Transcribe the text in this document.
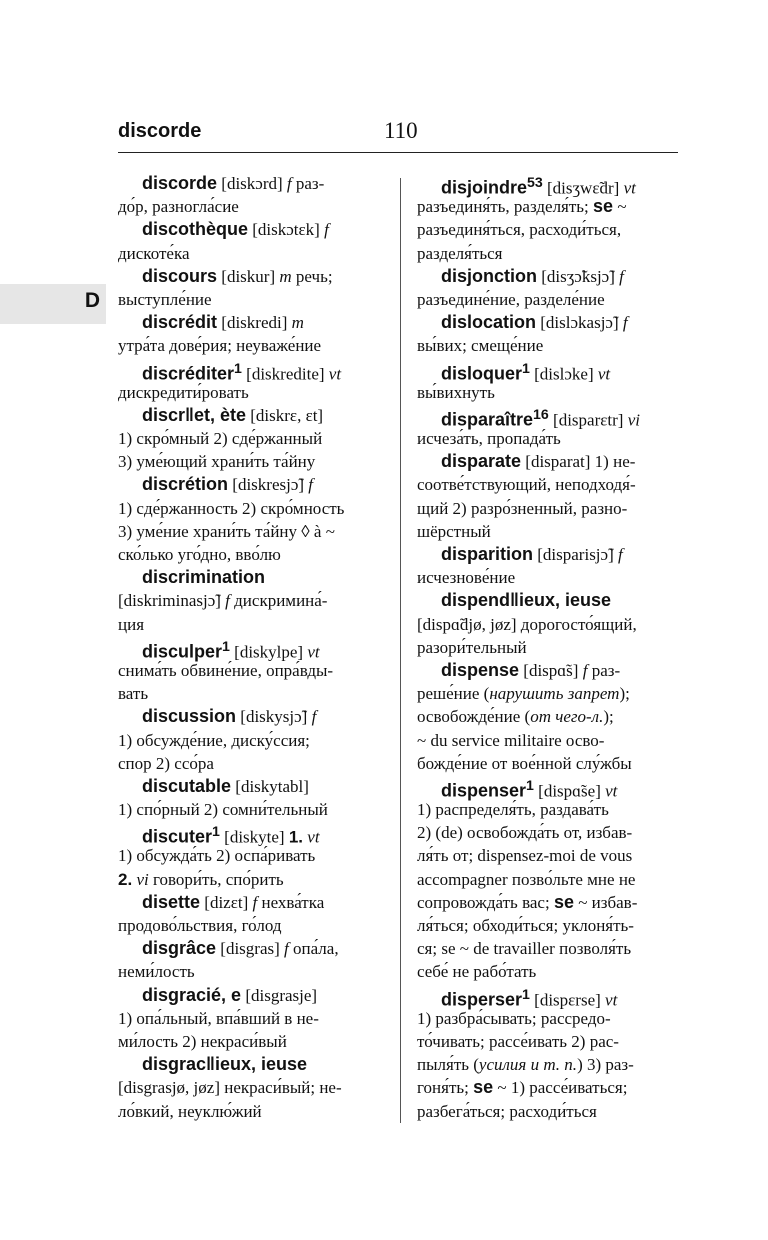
discorde	110
D
discorde [diskɔrd] f раз-
до́р, разногла́сие
discothèque [diskɔtɛk] f
дискоте́ка
discours [diskur] m речь;
выступле́ние
discrédit [diskredi] m
утра́та дове́рия; неуваже́ние
discréditer$^1$ [diskredite] vt
дискредити́ровать
discr‖et, ète [diskrɛ, ɛt]
1) скро́мный 2) сде́ржанный
3) уме́ющий храни́ть та́йну
discrétion [diskresjɔ̃] f
1) сде́ржанность 2) скро́мность
3) уме́ние храни́ть та́йну ◊ à ~
ско́лько уго́дно, вво́лю
discrimination
[diskriminasjɔ̃] f дискримина́-
ция
disculper$^1$ [diskylpe] vt
снима́ть обвине́ние, опра́вды-
вать
discussion [diskysjɔ̃] f
1) обсужде́ние, диску́ссия;
спор 2) ссо́ра
discutable [diskytabl]
1) спо́рный 2) сомни́тельный
discuter$^1$ [diskyte] 1. vt
1) обсужда́ть 2) оспа́ривать
2. vi говори́ть, спо́рить
disette [dizɛt] f нехва́тка
продово́льствия, го́лод
disgrâce [disgras] f опа́ла,
неми́лость
disgracié, e [disgrasje]
1) опа́льный, впа́вший в не-
ми́лость 2) некраси́вый
disgrac‖ieux, ieuse
[disgrasjø, jøz] некраси́вый; не-
ло́вкий, неуклю́жий
disjoindre$^{53}$ [disʒwɛ̃dr] vt
разъединя́ть, разделя́ть; se ~
разъединя́ться, расходи́ться,
разделя́ться
disjonction [disʒɔ̃ksjɔ̃] f
разъедине́ние, разделе́ние
dislocation [dislɔkasjɔ̃] f
вы́вих; смеще́ние
disloquer$^1$ [dislɔke] vt
вы́вихнуть
disparaître$^{16}$ [disparɛtr] vi
исчеза́ть, пропада́ть
disparate [disparat] 1) не-
соотве́тствующий, неподходя́-
щий 2) разро́зненный, разно-
шёрстный
disparition [disparisjɔ̃] f
исчезнове́ние
dispend‖ieux, ieuse
[dispɑ̃djø, jøz] дорогосто́ящий,
разори́тельный
dispense [dispɑ̃s] f раз-
реше́ние (нарушить запрет);
освобожде́ние (от чего-л.);
~ du service militaire осво-
божде́ние от вое́нной слу́жбы
dispenser$^1$ [dispɑ̃se] vt
1) распределя́ть, раздава́ть
2) (de) освобожда́ть от, избав-
ля́ть от; dispensez-moi de vous
accompagner позво́льте мне не
сопровожда́ть вас; se ~ избав-
ля́ться; обходи́ться; уклоня́ть-
ся; se ~ de travailler позволя́ть
себе́ не рабо́тать
disperser$^1$ [dispɛrse] vt
1) разбра́сывать; рассредо-
то́чивать; рассе́ивать 2) рас-
пыля́ть (усилия и т. п.) 3) раз-
гоня́ть; se ~ 1) рассе́иваться;
разбега́ться; расходи́ться
